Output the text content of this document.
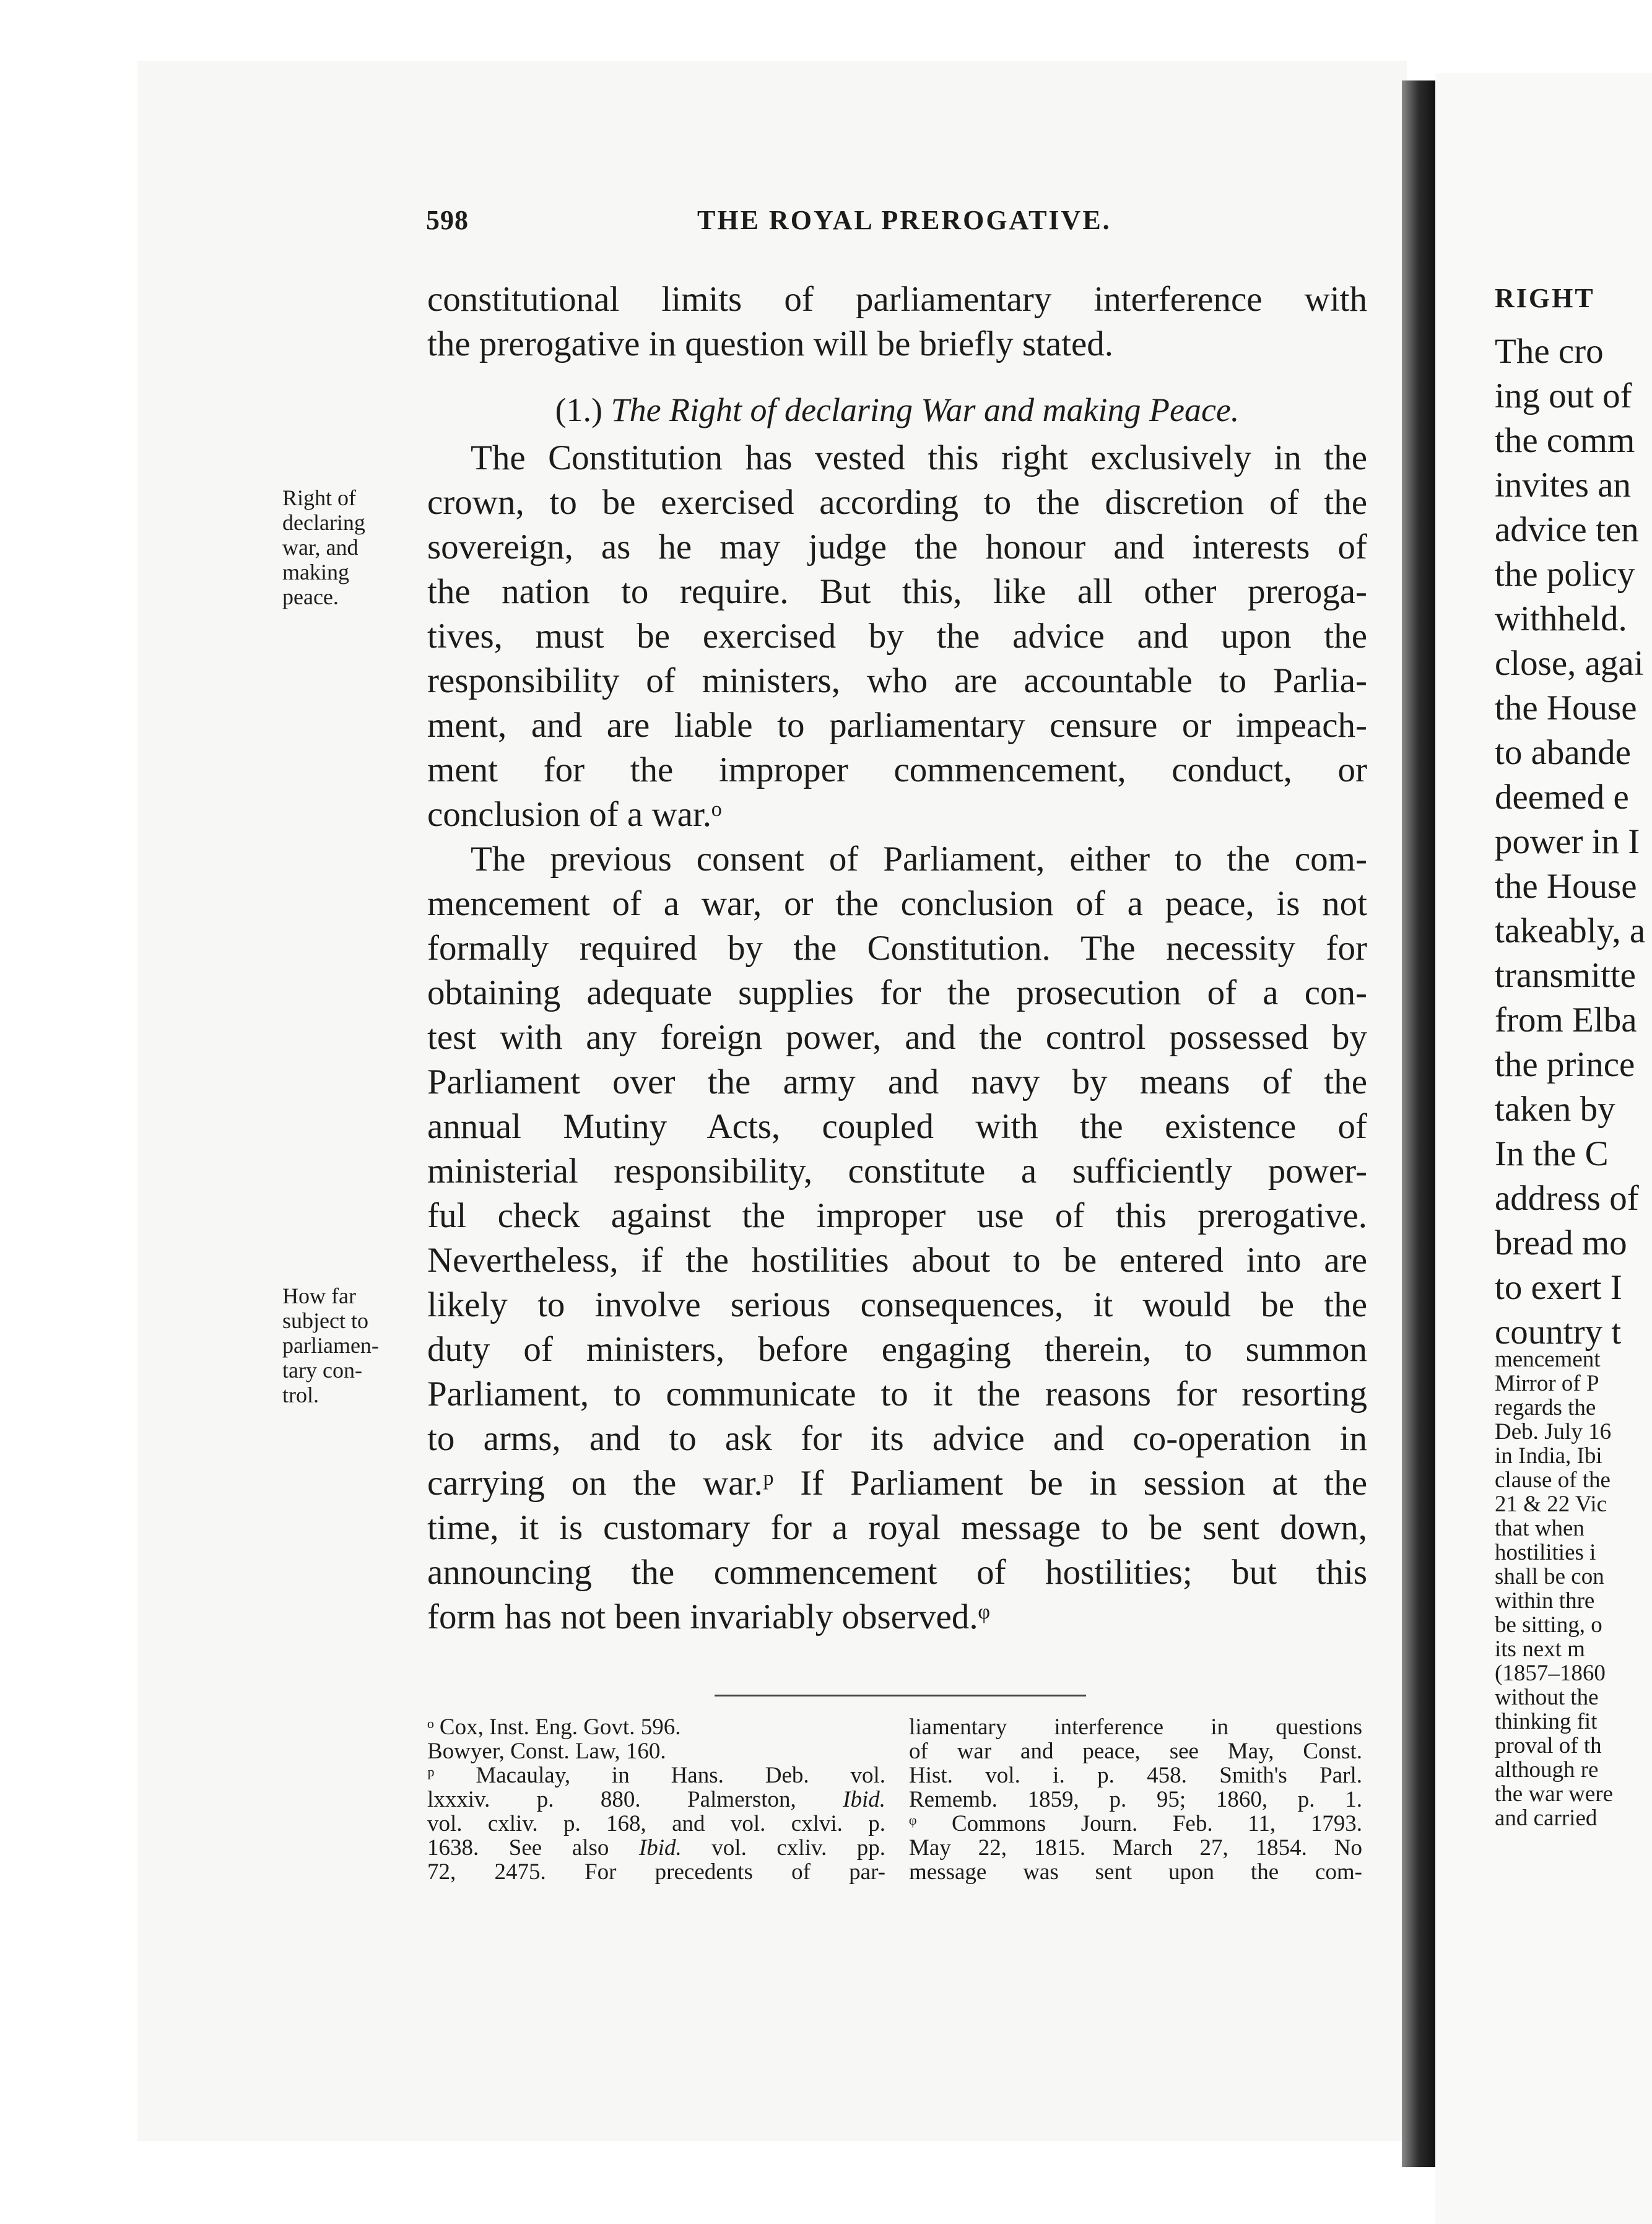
RIGHT
The cro
ing out of
the comm
invites an
advice ten
the policy
withheld.
close, agai
the House
to abande
deemed e
power in I
the House
takeably, a
transmitte
from Elba
the prince
taken by
In the C
address of
bread mo
to exert I
country t
mencement
Mirror of P
regards the
Deb. July 16
in India, Ibi
clause of the
21 & 22 Vic
that when
hostilities i
shall be con
within thre
be sitting, o
its next m
(1857–1860
without the
thinking fit
proval of th
although re
the war were
and carried
598	THE ROYAL PREROGATIVE.
constitutional limits of parliamentary interference with
the prerogative in question will be briefly stated.
(1.) The Right of declaring War and making Peace.
The Constitution has vested this right exclusively in the
crown, to be exercised according to the discretion of the
sovereign, as he may judge the honour and interests of
the nation to require. But this, like all other preroga-
tives, must be exercised by the advice and upon the
responsibility of ministers, who are accountable to Parlia-
ment, and are liable to parliamentary censure or impeach-
ment for the improper commencement, conduct, or
conclusion of a war.ᵒ
The previous consent of Parliament, either to the com-
mencement of a war, or the conclusion of a peace, is not
formally required by the Constitution. The necessity for
obtaining adequate supplies for the prosecution of a con-
test with any foreign power, and the control possessed by
Parliament over the army and navy by means of the
annual Mutiny Acts, coupled with the existence of
ministerial responsibility, constitute a sufficiently power-
ful check against the improper use of this prerogative.
Nevertheless, if the hostilities about to be entered into are
likely to involve serious consequences, it would be the
duty of ministers, before engaging therein, to summon
Parliament, to communicate to it the reasons for resorting
to arms, and to ask for its advice and co-operation in
carrying on the war.ᵖ If Parliament be in session at the
time, it is customary for a royal message to be sent down,
announcing the commencement of hostilities; but this
form has not been invariably observed.ᵠ
Right of
declaring
war, and
making
peace.
How far
subject to
parliamen-
tary con-
trol.
ᵒ Cox, Inst. Eng. Govt. 596.
Bowyer, Const. Law, 160.
ᵖ Macaulay, in Hans. Deb. vol.
lxxxiv. p. 880. Palmerston, Ibid.
vol. cxliv. p. 168, and vol. cxlvi. p.
1638. See also Ibid. vol. cxliv. pp.
72, 2475. For precedents of par-
liamentary interference in questions
of war and peace, see May, Const.
Hist. vol. i. p. 458. Smith's Parl.
Rememb. 1859, p. 95; 1860, p. 1.
ᵠ Commons Journ. Feb. 11, 1793.
May 22, 1815. March 27, 1854. No
message was sent upon the com-
